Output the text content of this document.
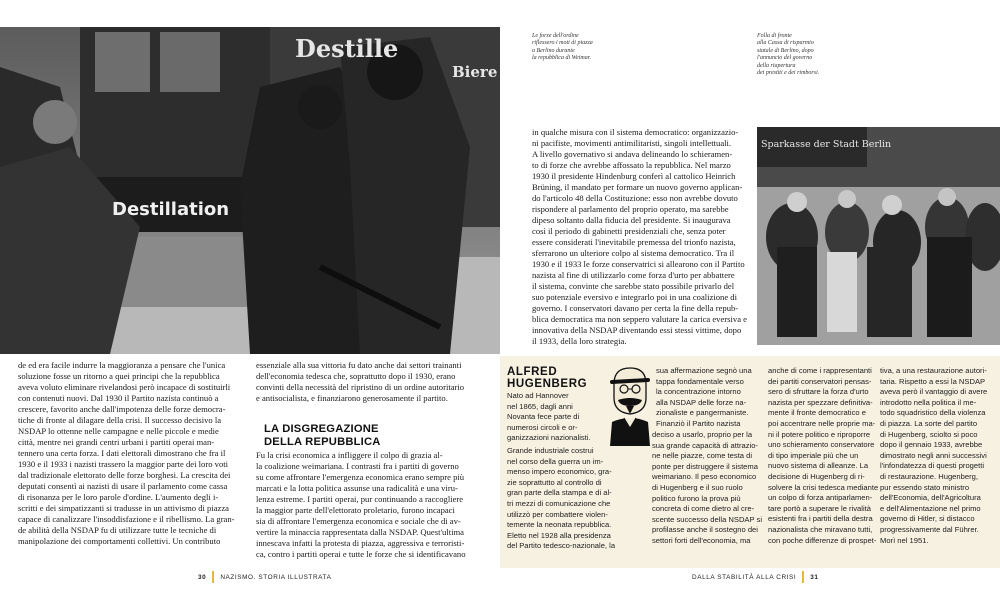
Destille
Biere
Destillation
Le forze dell'ordine
riflessero i moti di piazza
a Berlino durante
la repubblica di Weimar.
Folla di fronte
alla Cassa di risparmio
statale di Berlino, dopo
l'annuncio del governo
della riapertura
dei prestiti e dei rimborsi.
Sparkasse der Stadt Berlin

in qualche misura con il sistema democratico: organizzazio-

ni pacifiste, movimenti antimilitaristi, singoli intellettuali.

A livello governativo si andava delineando lo schieramen-

to di forze che avrebbe affossato la repubblica. Nel marzo

1930 il presidente Hindenburg conferì al cattolico Heinrich

Brüning, il mandato per formare un nuovo governo applican-

do l'articolo 48 della Costituzione: esso non avrebbe dovuto

rispondere al parlamento del proprio operato, ma sarebbe

dipeso soltanto dalla fiducia del presidente. Si inaugurava

così il periodo di gabinetti presidenziali che, senza poter

essere considerati l'inevitabile premessa del trionfo nazista,

sferrarono un ulteriore colpo al sistema democratico. Tra il

1930 e il 1933 le forze conservatrici si allearono con il Partito

nazista al fine di utilizzarlo come forza d'urto per abbattere

il sistema, convinte che sarebbe stato possibile privarlo del

suo potenziale eversivo e integrarlo poi in una coalizione di

governo. I conservatori davano per certa la fine della repub-

blica democratica ma non seppero valutare la carica eversiva e

innovativa della NSDAP diventando essi stessi vittime, dopo

il 1933, della loro strategia.

de ed era facile indurre la maggioranza a pensare che l'unica

soluzione fosse un ritorno a quei principi che la repubblica

aveva voluto eliminare rivelandosi però incapace di sostituirli

con contenuti nuovi. Dal 1930 il Partito nazista continuò a

crescere, favorito anche dall'impotenza delle forze democra-

tiche di fronte al dilagare della crisi. Il successo decisivo la

NSDAP lo ottenne nelle campagne e nelle piccole e medie

città, mentre nei grandi centri urbani i partiti operai man-

tennero una certa forza. I dati elettorali dimostrano che fra il

1930 e il 1933 i nazisti trassero la maggior parte dei loro voti

dal tradizionale elettorato delle forze borghesi. La crescita dei

deputati consentì ai nazisti di usare il parlamento come cassa

di risonanza per le loro parole d'ordine. L'aumento degli i-

scritti e dei simpatizzanti si tradusse in un attivismo di piazza

capace di canalizzare l'insoddisfazione e il ribellismo. La gran-

de abilità della NSDAP fu di utilizzare tutte le tecniche di

manipolazione dei comportamenti collettivi. Un contributo

essenziale alla sua vittoria fu dato anche dai settori trainanti

dell'economia tedesca che, soprattutto dopo il 1930, erano

convinti della necessità del ripristino di un ordine autoritario

e antisocialista, e finanziarono generosamente il partito.

LA DISGREGAZIONE
DELLA REPUBBLICA

Fu la crisi economica a infliggere il colpo di grazia al-

la coalizione weimariana. I contrasti fra i partiti di governo

su come affrontare l'emergenza economica erano sempre più

marcati e la lotta politica assunse una radicalità e una viru-

lenza estreme. I partiti operai, pur continuando a raccogliere

la maggior parte dell'elettorato proletario, furono incapaci

sia di affrontare l'emergenza economica e sociale che di av-

vertire la minaccia rappresentata dalla NSDAP. Quest'ultima

innescava infatti la protesta di piazza, aggressiva e terroristi-

ca, contro i partiti operai e tutte le forze che si identificavano

ALFRED
HUGENBERG

Nato ad Hannover

nel 1865, dagli anni

Novanta fece parte di

numerosi circoli e or-

ganizzazioni nazionalisti.

Grande industriale costrui

nel corso della guerra un im-

menso impero economico, gra-

zie soprattutto al controllo di

gran parte della stampa e di al-

tri mezzi di comunicazione che

utilizzò per combattere violen-

temente la neonata repubblica.

Eletto nel 1928 alla presidenza

del Partito tedesco-nazionale, la

sua affermazione segnò una

tappa fondamentale verso

la concentrazione intorno

alla NSDAP delle forze na-

zionaliste e pangermaniste.

Finanziò il Partito nazista

deciso a usarlo, proprio per la

sua grande capacità di attrazio-

ne nelle piazze, come testa di

ponte per distruggere il sistema

weimariano. Il peso economico

di Hugenberg e il suo ruolo

politico furono la prova più

concreta di come dietro al cre-

scente successo della NSDAP si

profilasse anche il sostegno dei

settori forti dell'economia, ma

anche di come i rappresentanti

dei partiti conservatori pensas-

sero di sfruttare la forza d'urto

nazista per spezzare definitiva-

mente il fronte democratico e

poi accentrare nelle proprie ma-

ni il potere politico e riproporre

uno schieramento conservatore

di tipo imperiale più che un

nuovo sistema di alleanze. La

decisione di Hugenberg di ri-

solvere la crisi tedesca mediante

un colpo di forza antiparlamen-

tare portò a superare le rivalità

esistenti fra i partiti della destra

nazionalista che miravano tutti,

con poche differenze di prospet-

tiva, a una restaurazione autori-

taria. Rispetto a essi la NSDAP

aveva però il vantaggio di avere

introdotto nella politica il me-

todo squadristico della violenza

di piazza. La sorte del partito

di Hugenberg, sciolto si poco

dopo il gennaio 1933, avrebbe

dimostrato negli anni successivi

l'infondatezza di questi progetti

di restaurazione. Hugenberg,

pur essendo stato ministro

dell'Economia, dell'Agricoltura

e dell'Alimentazione nel primo

governo di Hitler, si distacco

progressivamente dal Führer.

Morì nel 1951.

30 NAZISMO. STORIA ILLUSTRATA	DALLA STABILITÀ ALLA CRISI 31
